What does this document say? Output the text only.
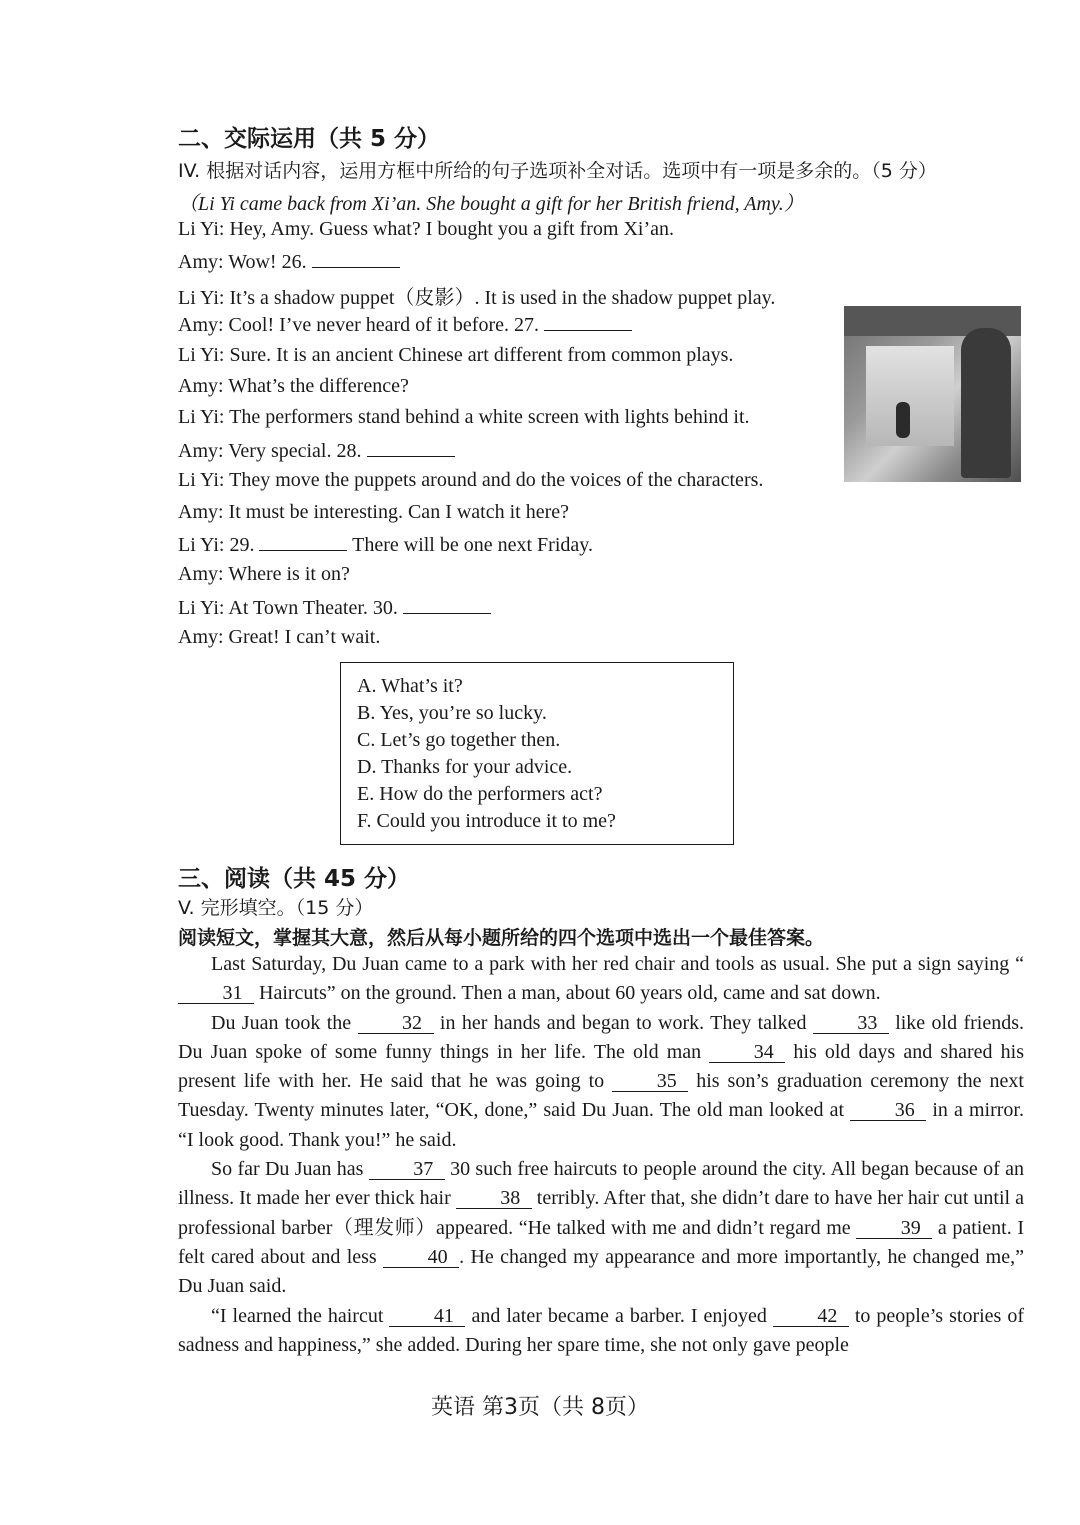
二、交际运用（共 5 分）
IV. 根据对话内容，运用方框中所给的句子选项补全对话。选项中有一项是多余的。（5 分）
（Li Yi came back from Xi’an. She bought a gift for her British friend, Amy.）
Li Yi: Hey, Amy. Guess what? I bought you a gift from Xi’an.
Amy: Wow! 26.
Li Yi: It’s a shadow puppet（皮影）. It is used in the shadow puppet play.
Amy: Cool! I’ve never heard of it before. 27.
Li Yi: Sure. It is an ancient Chinese art different from common plays.
Amy: What’s the difference?
Li Yi: The performers stand behind a white screen with lights behind it.
Amy: Very special. 28.
Li Yi: They move the puppets around and do the voices of the characters.
Amy: It must be interesting. Can I watch it here?
Li Yi: 29.	There will be one next Friday.
Amy: Where is it on?
Li Yi: At Town Theater. 30.
Amy: Great! I can’t wait.
A. What’s it?
B. Yes, you’re so lucky.
C. Let’s go together then.
D. Thanks for your advice.
E. How do the performers act?
F. Could you introduce it to me?
三、阅读（共 45 分）
V. 完形填空。（15 分）
阅读短文，掌握其大意，然后从每小题所给的四个选项中选出一个最佳答案。

Last Saturday, Du Juan came to a park with her red chair and tools as usual. She put a sign saying “31 Haircuts” on the ground. Then a man, about 60 years old, came and sat down.

Du Juan took the 32 in her hands and began to work. They talked 33 like old friends. Du Juan spoke of some funny things in her life. The old man 34 his old days and shared his present life with her. He said that he was going to 35 his son’s graduation ceremony the next Tuesday. Twenty minutes later, “OK, done,” said Du Juan. The old man looked at 36 in a mirror. “I look good. Thank you!” he said.

So far Du Juan has 37 30 such free haircuts to people around the city. All began because of an illness. It made her ever thick hair 38 terribly. After that, she didn’t dare to have her hair cut until a professional barber（理发师）appeared. “He talked with me and didn’t regard me 39 a patient. I felt cared about and less 40 . He changed my appearance and more importantly, he changed me,” Du Juan said.

“I learned the haircut 41 and later became a barber. I enjoyed 42 to people’s stories of sadness and happiness,” she added. During her spare time, she not only gave people

英语 第3页（共 8页）
